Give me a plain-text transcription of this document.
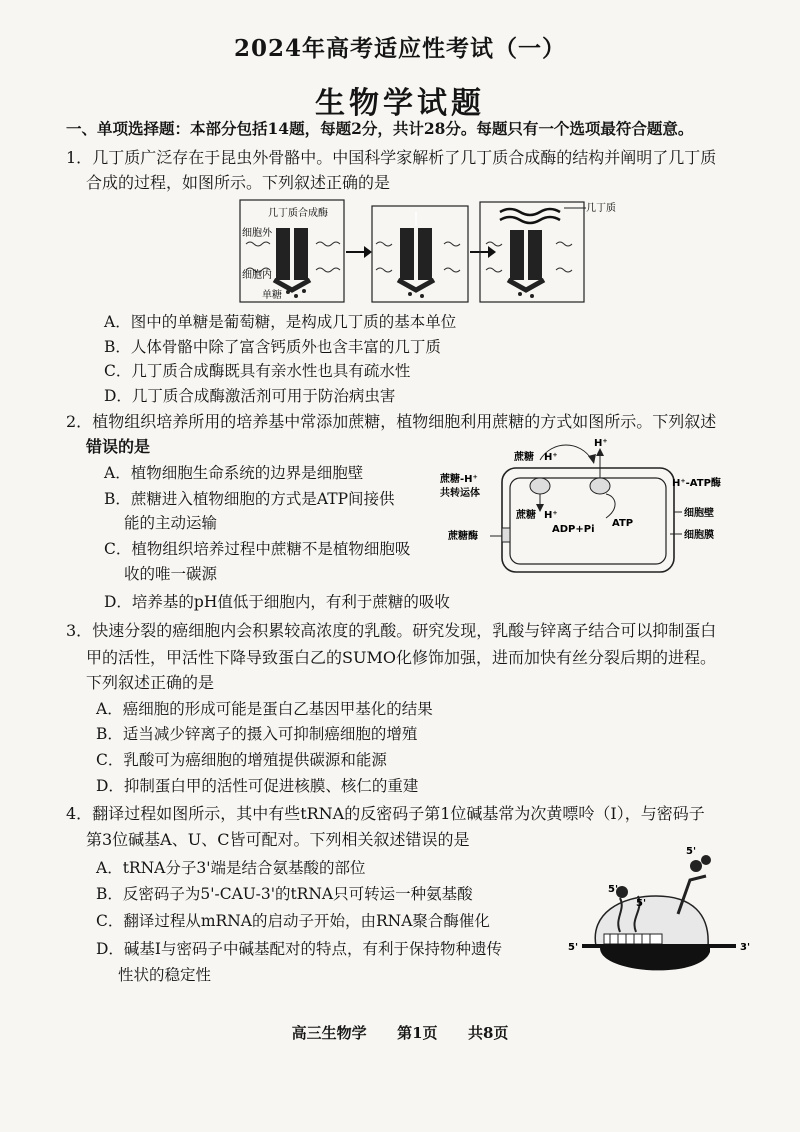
2024年高考适应性考试（一）
生物学试题
一、单项选择题：本部分包括14题，每题2分，共计28分。每题只有一个选项最符合题意。
1．几丁质广泛存在于昆虫外骨骼中。中国科学家解析了几丁质合成酶的结构并阐明了几丁质
合成的过程，如图所示。下列叙述正确的是
几丁质合成酶
细胞外
细胞内
单糖
几丁质
A．图中的单糖是葡萄糖，是构成几丁质的基本单位
B．人体骨骼中除了富含钙质外也含丰富的几丁质
C．几丁质合成酶既具有亲水性也具有疏水性
D．几丁质合成酶激活剂可用于防治病虫害
2．植物组织培养所用的培养基中常添加蔗糖，植物细胞利用蔗糖的方式如图所示。下列叙述
错误的是
A．植物细胞生命系统的边界是细胞壁
B．蔗糖进入植物细胞的方式是ATP间接供
能的主动运输
C．植物组织培养过程中蔗糖不是植物细胞吸
收的唯一碳源
D．培养基的pH值低于细胞内，有利于蔗糖的吸收
蔗糖 H⁺
H⁺
蔗糖-H⁺
共转运体
H⁺-ATP酶
蔗糖 H⁺
ADP+Pi
ATP
细胞壁
细胞膜
蔗糖酶
3．快速分裂的癌细胞内会积累较高浓度的乳酸。研究发现，乳酸与锌离子结合可以抑制蛋白
甲的活性，甲活性下降导致蛋白乙的SUMO化修饰加强，进而加快有丝分裂后期的进程。
下列叙述正确的是
A．癌细胞的形成可能是蛋白乙基因甲基化的结果
B．适当减少锌离子的摄入可抑制癌细胞的增殖
C．乳酸可为癌细胞的增殖提供碳源和能源
D．抑制蛋白甲的活性可促进核膜、核仁的重建
4．翻译过程如图所示，其中有些tRNA的反密码子第1位碱基常为次黄嘌呤（I），与密码子
第3位碱基A、U、C皆可配对。下列相关叙述错误的是
A．tRNA分子3'端是结合氨基酸的部位
B．反密码子为5'-CAU-3'的tRNA只可转运一种氨基酸
C．翻译过程从mRNA的启动子开始，由RNA聚合酶催化
D．碱基I与密码子中碱基配对的特点，有利于保持物种遗传
性状的稳定性
5'
5'
5'
5'	3'
高三生物学 第1页 共8页
